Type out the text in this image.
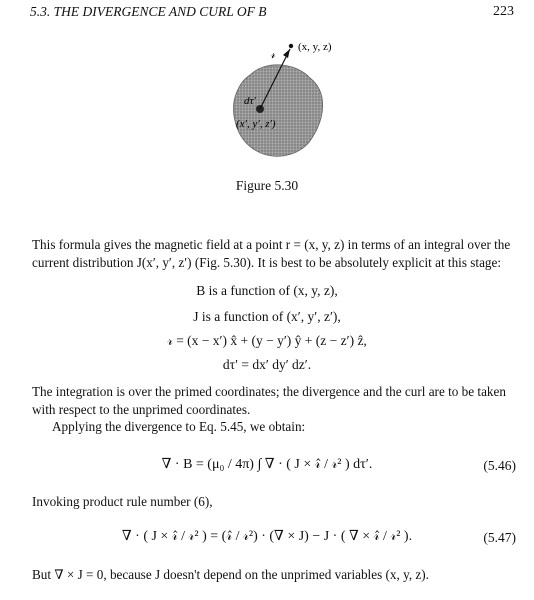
5.3. THE DIVERGENCE AND CURL OF B	223
𝓇 (x, y, z)
dτ′
(x′, y′, z′)
Figure 5.30
This formula gives the magnetic field at a point r = (x, y, z) in terms of an integral over the
current distribution J(x′, y′, z′) (Fig. 5.30). It is best to be absolutely explicit at this stage:
B is a function of (x, y, z),
J is a function of (x′, y′, z′),
𝓇 = (x − x′) x̂ + (y − y′) ŷ + (z − z′) ẑ,
dτ′ = dx′ dy′ dz′.
The integration is over the primed coordinates; the divergence and the curl are to be taken
with respect to the unprimed coordinates.
Applying the divergence to Eq. 5.45, we obtain:
∇ · B = (μ₀ / 4π) ∫ ∇ · ( J × 𝓇̂ / 𝓇² ) dτ′.	(5.46)
Invoking product rule number (6),
∇ · ( J × 𝓇̂ / 𝓇² ) = (𝓇̂ / 𝓇²) · (∇ × J) − J · ( ∇ × 𝓇̂ / 𝓇² ).	(5.47)
But ∇ × J = 0, because J doesn't depend on the unprimed variables (x, y, z).
